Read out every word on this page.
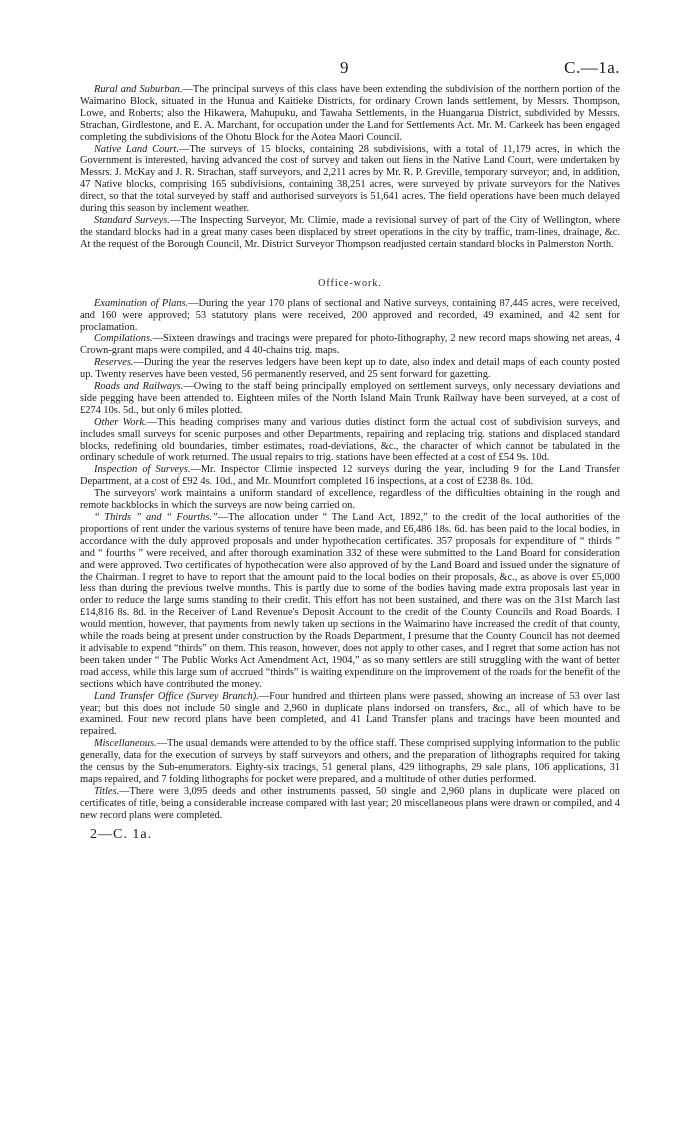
9	C.—1a.

Rural and Suburban.—The principal surveys of this class have been extending the subdivision of the northern portion of the Waimarino Block, situated in the Hunua and Kaitieke Districts, for ordinary Crown lands settlement, by Messrs. Thompson, Lowe, and Roberts; also the Hikawera, Mahupuku, and Tawaha Settlements, in the Huangarua District, subdivided by Messrs. Strachan, Girdlestone, and E. A. Marchant, for occupation under the Land for Settlements Act. Mr. M. Carkeek has been engaged completing the subdivisions of the Ohotu Block for the Aotea Maori Council.

Native Land Court.—The surveys of 15 blocks, containing 28 subdivisions, with a total of 11,179 acres, in which the Government is interested, having advanced the cost of survey and taken out liens in the Native Land Court, were undertaken by Messrs. J. McKay and J. R. Strachan, staff surveyors, and 2,211 acres by Mr. R. P. Greville, temporary surveyor; and, in addition, 47 Native blocks, comprising 165 subdivisions, containing 38,251 acres, were surveyed by private surveyors for the Natives direct, so that the total surveyed by staff and authorised surveyors is 51,641 acres. The field operations have been much delayed during this season by inclement weather.

Standard Surveys.—The Inspecting Surveyor, Mr. Climie, made a revisional survey of part of the City of Wellington, where the standard blocks had in a great many cases been displaced by street operations in the city by traffic, tram-lines, drainage, &c. At the request of the Borough Council, Mr. District Surveyor Thompson readjusted certain standard blocks in Palmerston North.

Office-work.

Examination of Plans.—During the year 170 plans of sectional and Native surveys, containing 87,445 acres, were received, and 160 were approved; 53 statutory plans were received, 200 approved and recorded, 49 examined, and 42 sent for proclamation.

Compilations.—Sixteen drawings and tracings were prepared for photo-lithography, 2 new record maps showing net areas, 4 Crown-grant maps were compiled, and 4 40-chains trig. maps.

Reserves.—During the year the reserves ledgers have been kept up to date, also index and detail maps of each county posted up. Twenty reserves have been vested, 56 permanently reserved, and 25 sent forward for gazetting.

Roads and Railways.—Owing to the staff being principally employed on settlement surveys, only necessary deviations and side pegging have been attended to. Eighteen miles of the North Island Main Trunk Railway have been surveyed, at a cost of £274 10s. 5d., but only 6 miles plotted.

Other Work.—This heading comprises many and various duties distinct form the actual cost of subdivision surveys, and includes small surveys for scenic purposes and other Departments, repairing and replacing trig. stations and displaced standard blocks, redefining old boundaries, timber estimates, road-deviations, &c., the character of which cannot be tabulated in the ordinary schedule of work returned. The usual repairs to trig. stations have been effected at a cost of £54 9s. 10d.

Inspection of Surveys.—Mr. Inspector Climie inspected 12 surveys during the year, including 9 for the Land Transfer Department, at a cost of £92 4s. 10d., and Mr. Mountfort completed 16 inspections, at a cost of £238 8s. 10d.

The surveyors' work maintains a uniform standard of excellence, regardless of the difficulties obtaining in the rough and remote backblocks in which the surveys are now being carried on.

“ Thirds ” and “ Fourths.”—The allocation under “ The Land Act, 1892,” to the credit of the local authorities of the proportions of rent under the various systems of tenure have been made, and £6,486 18s. 6d. has been paid to the local bodies, in accordance with the duly approved proposals and under hypothecation certificates. 357 proposals for expenditure of “ thirds ” and “ fourths ” were received, and after thorough examination 332 of these were submitted to the Land Board for consideration and were approved. Two certificates of hypothecation were also approved of by the Land Board and issued under the signature of the Chairman. I regret to have to report that the amount paid to the local bodies on their proposals, &c., as above is over £5,000 less than during the previous twelve months. This is partly due to some of the bodies having made extra proposals last year in order to reduce the large sums standing to their credit. This effort has not been sustained, and there was on the 31st March last £14,816 8s. 8d. in the Receiver of Land Revenue's Deposit Account to the credit of the County Councils and Road Boards. I would mention, however, that payments from newly taken up sections in the Waimarino have increased the credit of that county, while the roads being at present under construction by the Roads Department, I presume that the County Council has not deemed it advisable to expend “thirds” on them. This reason, however, does not apply to other cases, and I regret that some action has not been taken under “ The Public Works Act Amendment Act, 1904,” as so many settlers are still struggling with the want of better road access, while this large sum of accrued “thirds” is waiting expenditure on the improvement of the roads for the benefit of the sections which have contributed the money.

Land Transfer Office (Survey Branch).—Four hundred and thirteen plans were passed, showing an increase of 53 over last year; but this does not include 50 single and 2,960 in duplicate plans indorsed on transfers, &c., all of which have to be examined. Four new record plans have been completed, and 41 Land Transfer plans and tracings have been mounted and repaired.

Miscellaneous.—The usual demands were attended to by the office staff. These comprised supplying information to the public generally, data for the execution of surveys by staff surveyors and others, and the preparation of lithographs required for taking the census by the Sub-enumerators. Eighty-six tracings, 51 general plans, 429 lithographs, 29 sale plans, 106 applications, 31 maps repaired, and 7 folding lithographs for pocket were prepared, and a multitude of other duties performed.

Titles.—There were 3,095 deeds and other instruments passed, 50 single and 2,960 plans in duplicate were placed on certificates of title, being a considerable increase compared with last year; 20 miscellaneous plans were drawn or compiled, and 4 new record plans were completed.

2—C. 1a.
